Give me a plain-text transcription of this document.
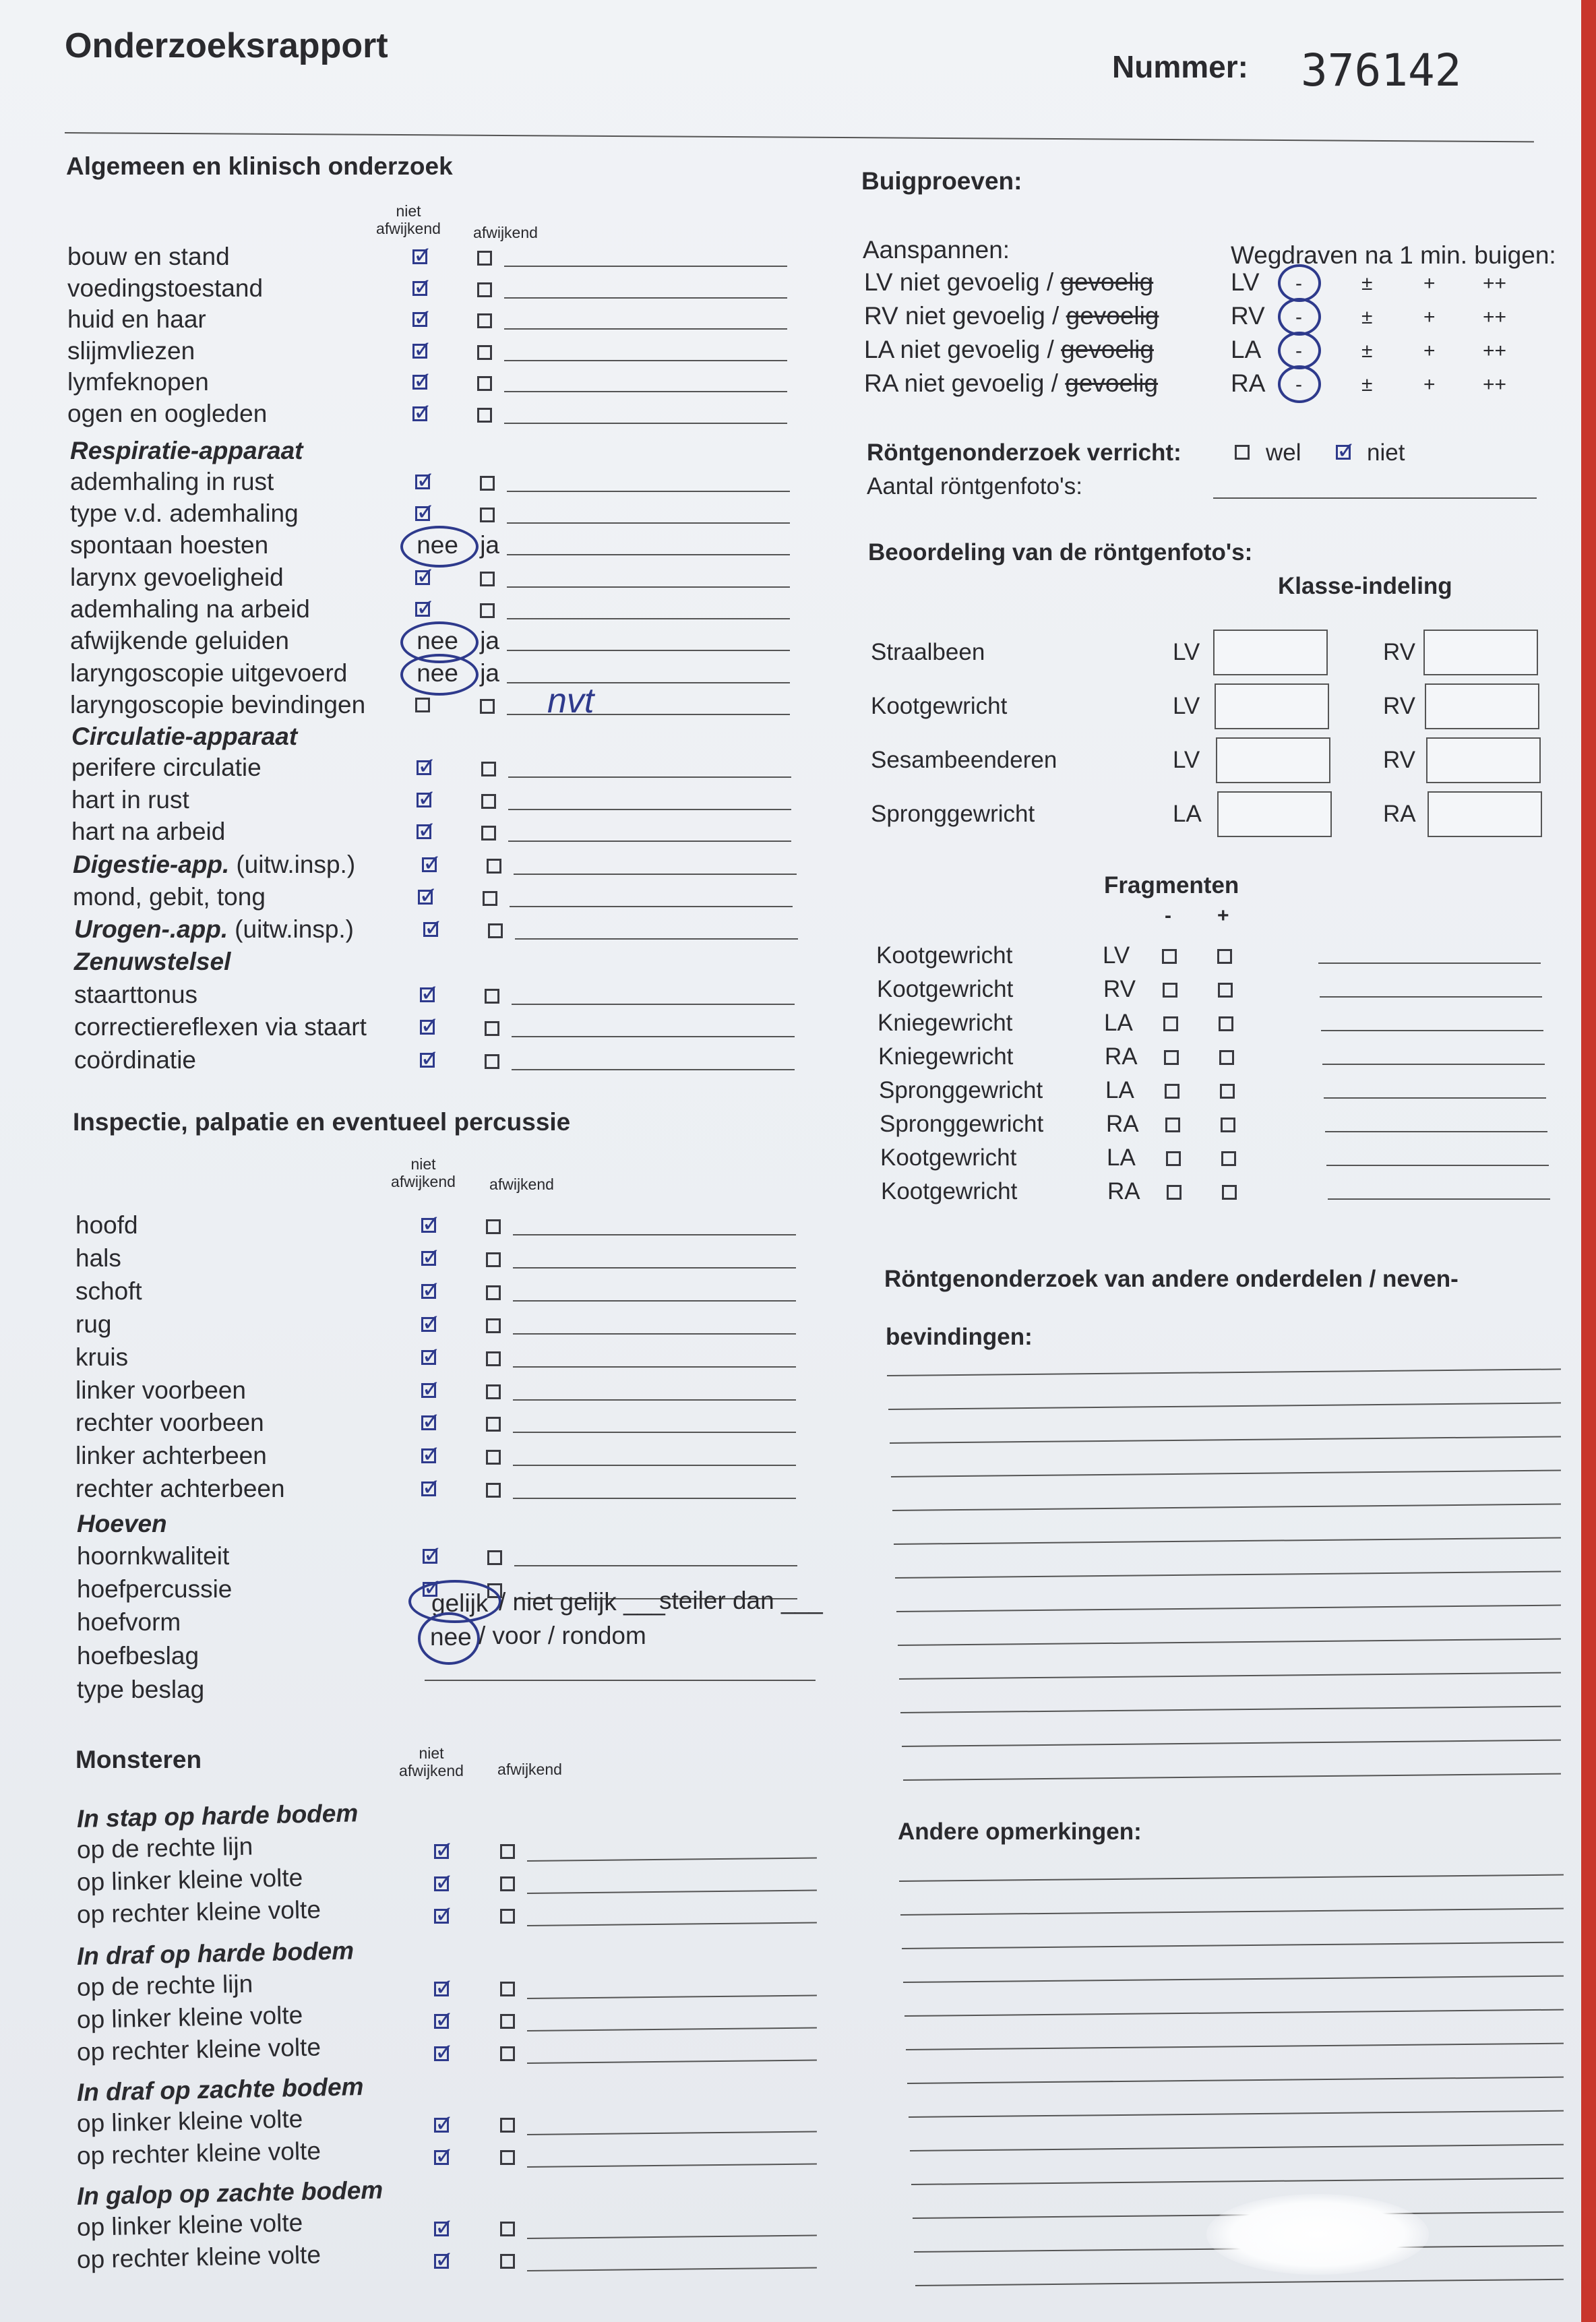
Onderzoeksrapport
Nummer: 376142
Algemeen en klinisch onderzoek
niet
afwijkend	afwijkend
bouw en stand
✓
voedingstoestand
✓
huid en haar
✓
slijmvliezen
✓
lymfeknopen
✓
ogen en oogleden
✓
Respiratie-apparaat
ademhaling in rust
✓
type v.d. ademhaling
✓
spontaan hoesten	nee ja
larynx gevoeligheid
✓
ademhaling na arbeid
✓
afwijkende geluiden	nee ja
laryngoscopie uitgevoerd	nee ja
laryngoscopie bevindingen	nvt
Circulatie-apparaat
perifere circulatie
✓
hart in rust
✓
hart na arbeid
✓
Digestie-app. (uitw.insp.)
✓
mond, gebit, tong
✓
Urogen-.app. (uitw.insp.)
✓
Zenuwstelsel
staarttonus
✓
correctiereflexen via staart
✓
coördinatie
✓
Inspectie, palpatie en eventueel percussie
niet
afwijkend	afwijkend
hoofd
✓
hals
✓
schoft
✓
rug
✓
kruis
✓
linker voorbeen
✓
rechter voorbeen
✓
linker achterbeen
✓
rechter achterbeen
✓
Hoeven
hoornkwaliteit
✓
hoefpercussie
✓
hoefvorm
hoefbeslag
type beslag
gelijk / niet gelijk ___
steiler dan ___
nee / voor / rondom
Monsteren	niet
afwijkend	afwijkend
In stap op harde bodem
op de rechte lijn
✓
op linker kleine volte
✓
op rechter kleine volte
✓
In draf op harde bodem
op de rechte lijn
✓
op linker kleine volte
✓
op rechter kleine volte
✓
In draf op zachte bodem
op linker kleine volte
✓
op rechter kleine volte
✓
In galop op zachte bodem
op linker kleine volte
✓
op rechter kleine volte
✓
Buigproeven:
Aanspannen:	Wegdraven na 1 min. buigen:
LV niet gevoelig / gevoelig	LV -	±	+ ++
RV niet gevoelig / gevoelig	RV -	±	+ ++
LA niet gevoelig / gevoelig	LA -	±	+ ++
RA niet gevoelig / gevoelig	RA -	±	+ ++
Röntgenonderzoek verricht:	wel
✓	niet
Aantal röntgenfoto's:
Beoordeling van de röntgenfoto's:
Klasse-indeling
Straalbeen	LV	RV
Kootgewricht	LV	RV
Sesambeenderen	LV	RV
Spronggewricht	LA	RA
Fragmenten
- +
Kootgewricht	LV
Kootgewricht	RV
Kniegewricht	LA
Kniegewricht	RA
Spronggewricht	LA
Spronggewricht	RA
Kootgewricht	LA
Kootgewricht	RA
Röntgenonderzoek van andere onderdelen / neven-
bevindingen:
Andere opmerkingen:
